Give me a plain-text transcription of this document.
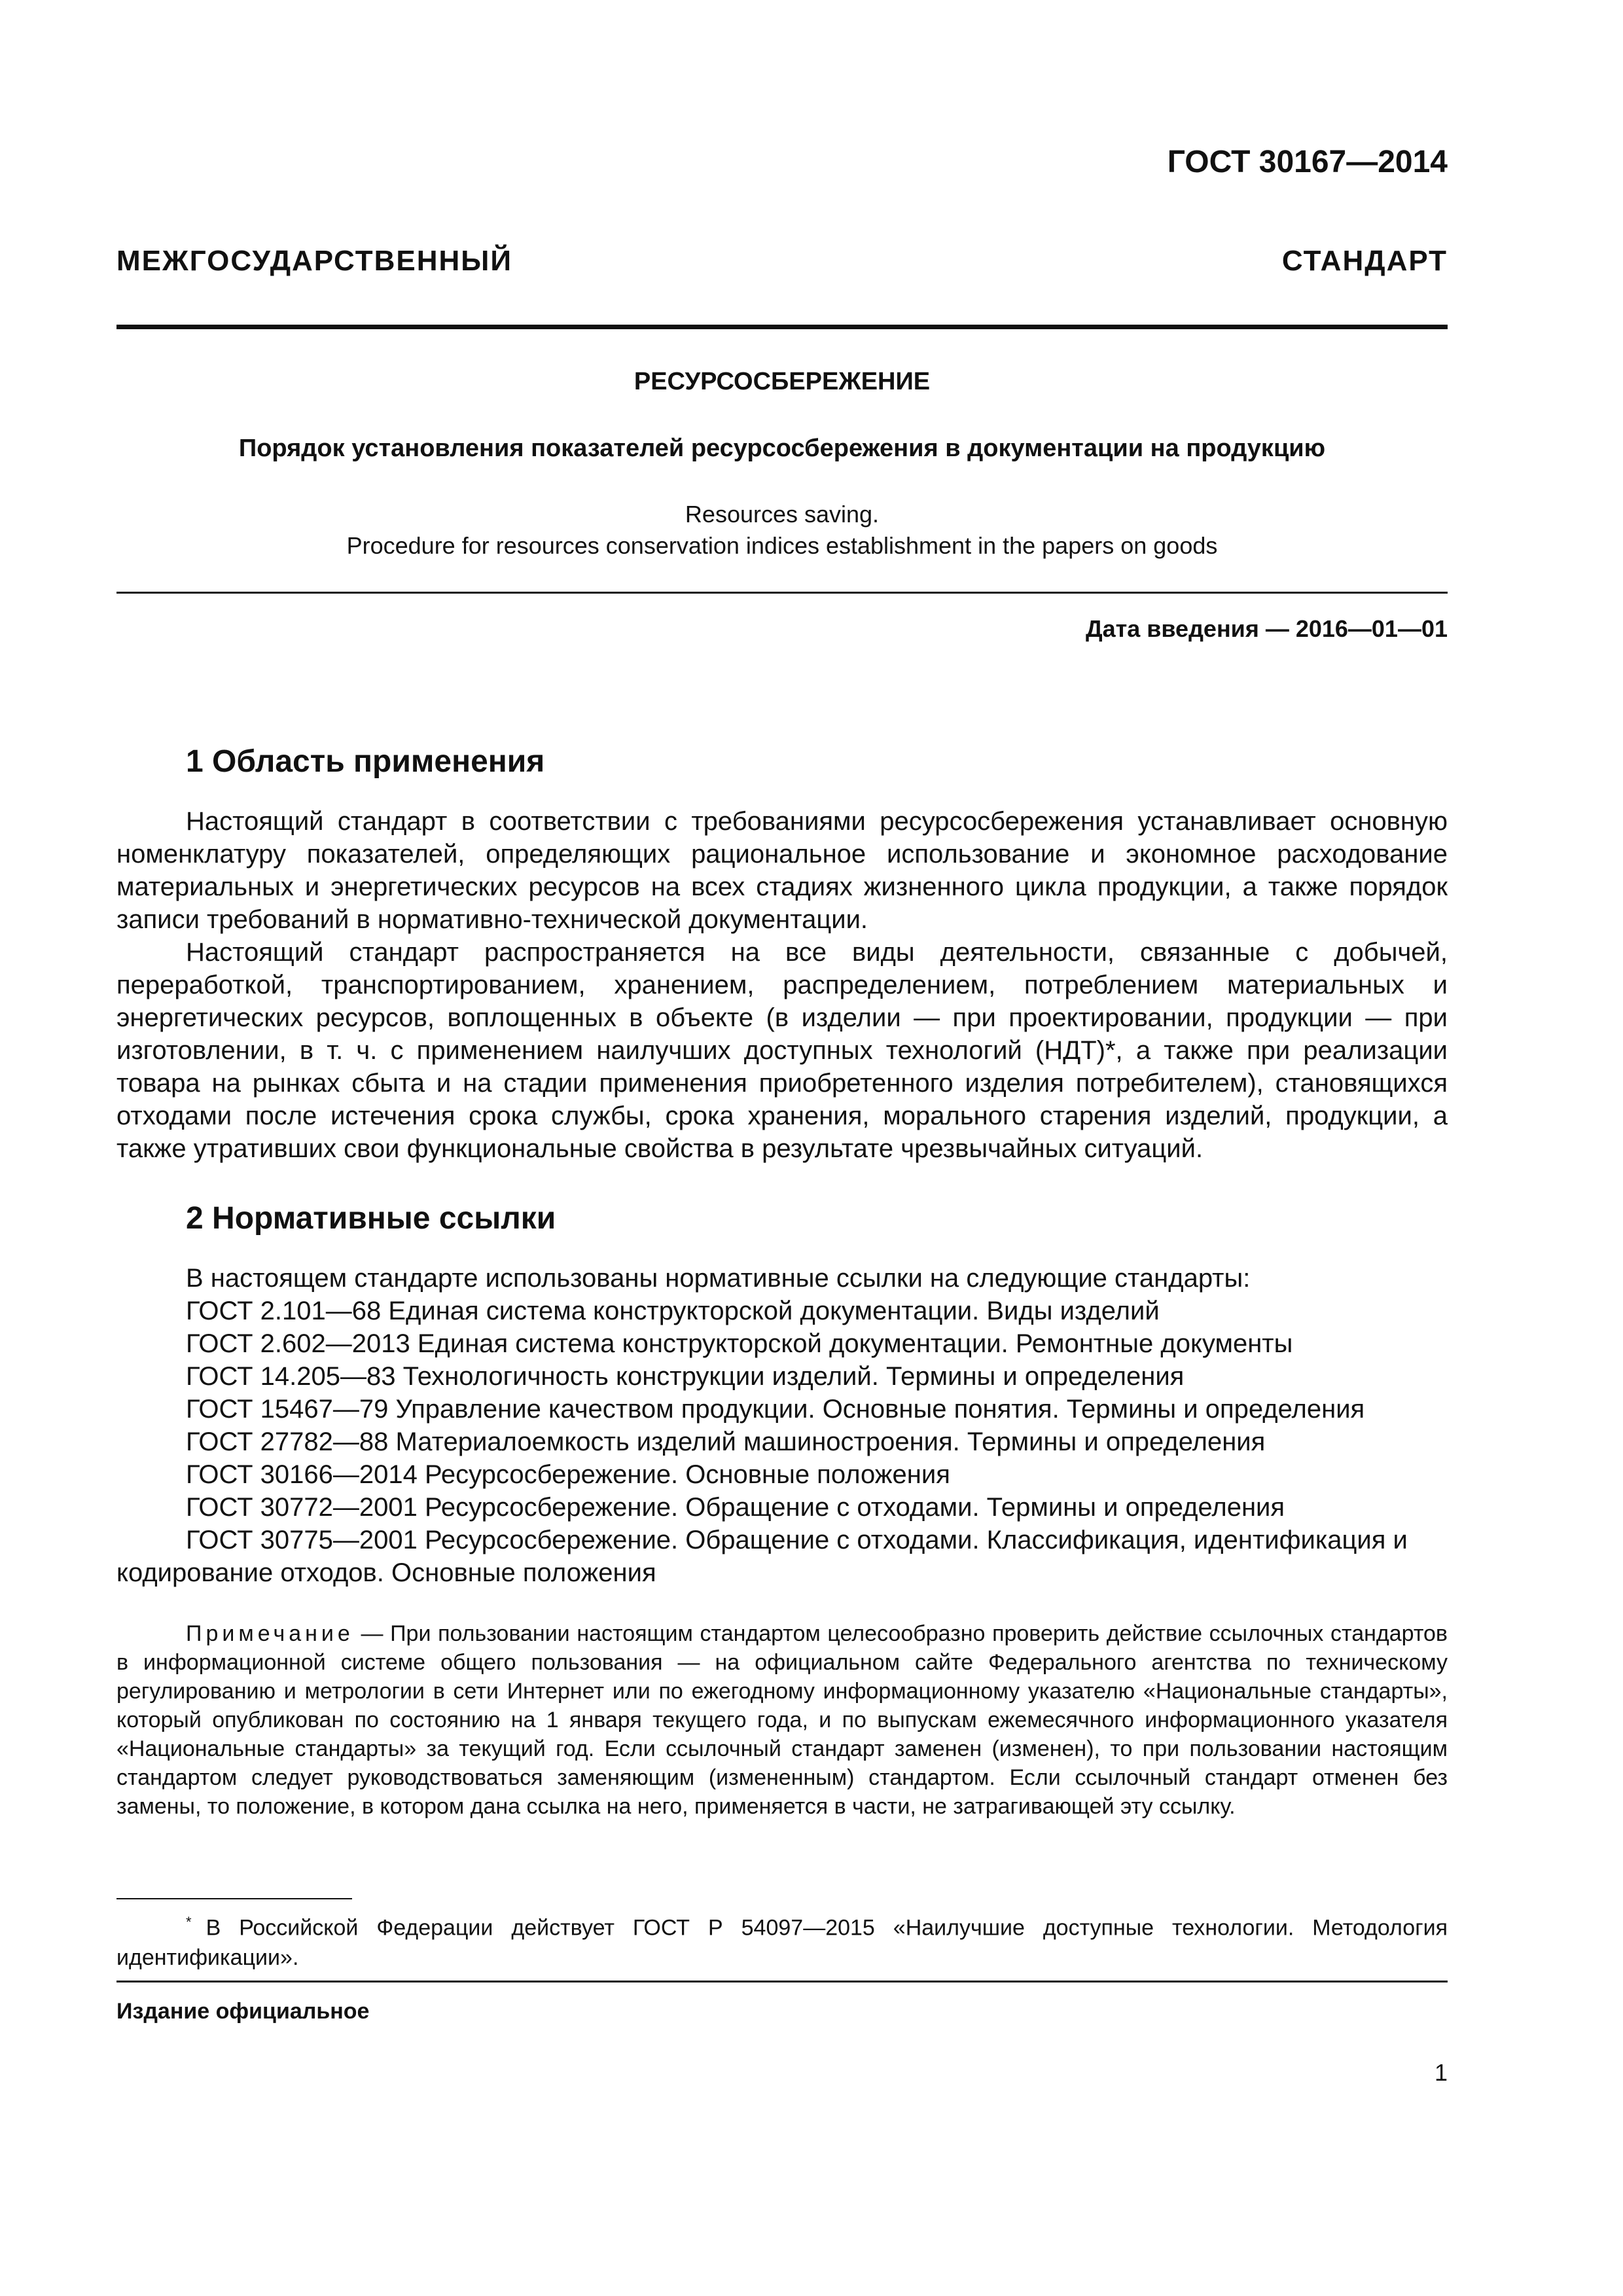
ГОСТ 30167—2014
МЕЖГОСУДАРСТВЕННЫЙ СТАНДАРТ
РЕСУРСОСБЕРЕЖЕНИЕ
Порядок установления показателей ресурсосбережения в документации на продукцию
Resources saving.
Procedure for resources conservation indices establishment in the papers on goods
Дата введения — 2016—01—01
1 Область применения

Настоящий стандарт в соответствии с требованиями ресурсосбережения устанавливает основную номенклатуру показателей, определяющих рациональное использование и экономное расходование материальных и энергетических ресурсов на всех стадиях жизненного цикла продукции, а также порядок записи требований в нормативно-технической документации.

Настоящий стандарт распространяется на все виды деятельности, связанные с добычей, переработкой, транспортированием, хранением, распределением, потреблением материальных и энергетических ресурсов, воплощенных в объекте (в изделии — при проектировании, продукции — при изготовлении, в т. ч. с применением наилучших доступных технологий (НДТ)*, а также при реализации товара на рынках сбыта и на стадии применения приобретенного изделия потребителем), становящихся отходами после истечения срока службы, срока хранения, морального старения изделий, продукции, а также утративших свои функциональные свойства в результате чрезвычайных ситуаций.

2 Нормативные ссылки

В настоящем стандарте использованы нормативные ссылки на следующие стандарты:

ГОСТ 2.101—68 Единая система конструкторской документации. Виды изделий

ГОСТ 2.602—2013 Единая система конструкторской документации. Ремонтные документы

ГОСТ 14.205—83 Технологичность конструкции изделий. Термины и определения

ГОСТ 15467—79 Управление качеством продукции. Основные понятия. Термины и определения

ГОСТ 27782—88 Материалоемкость изделий машиностроения. Термины и определения

ГОСТ 30166—2014 Ресурсосбережение. Основные положения

ГОСТ 30772—2001 Ресурсосбережение. Обращение с отходами. Термины и определения

ГОСТ 30775—2001 Ресурсосбережение. Обращение с отходами. Классификация, идентификация и кодирование отходов. Основные положения

Примечание — При пользовании настоящим стандартом целесообразно проверить действие ссылочных стандартов в информационной системе общего пользования — на официальном сайте Федерального агентства по техническому регулированию и метрологии в сети Интернет или по ежегодному информационному указателю «Национальные стандарты», который опубликован по состоянию на 1 января текущего года, и по выпускам ежемесячного информационного указателя «Национальные стандарты» за текущий год. Если ссылочный стандарт заменен (изменен), то при пользовании настоящим стандартом следует руководствоваться заменяющим (измененным) стандартом. Если ссылочный стандарт отменен без замены, то положение, в котором дана ссылка на него, применяется в части, не затрагивающей эту ссылку.

* В Российской Федерации действует ГОСТ Р 54097—2015 «Наилучшие доступные технологии. Методология идентификации».

Издание официальное
1
